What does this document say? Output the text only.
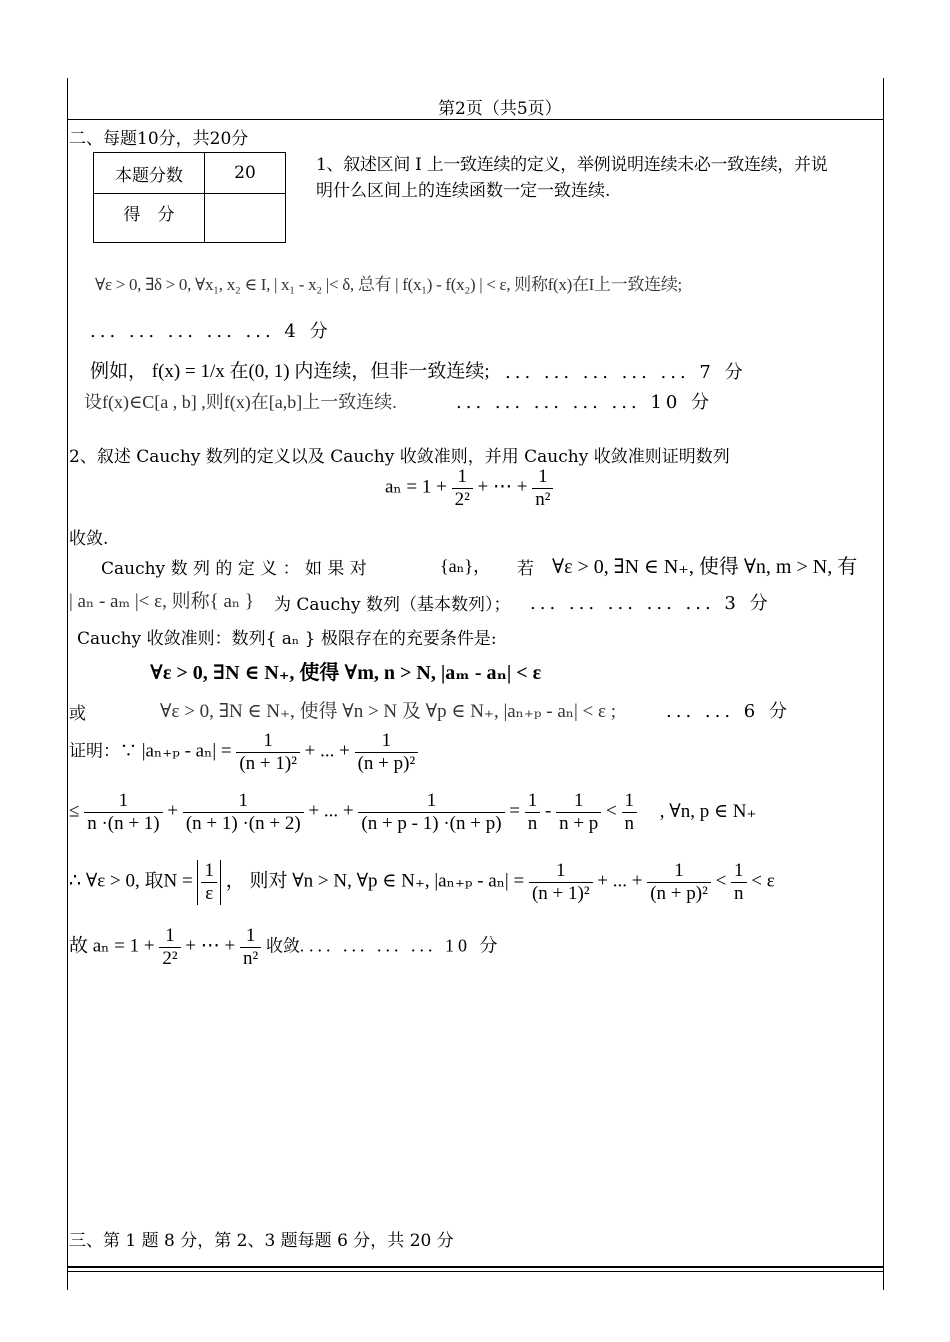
第2页（共5页）
二、每题10分，共20分
本题分数	20
得　分	
1、叙述区间 I 上一致连续的定义，举例说明连续未必一致连续，并说
明什么区间上的连续函数一定一致连续.
∀ε > 0, ∃δ > 0, ∀x₁, x₂ ∈ I, | x₁ - x₂ |< δ, 总有 | f(x₁) - f(x₂) | < ε, 则称f(x)在I上一致连续;
... ... ... ... ... 4 分
例如， f(x) = 1/x 在(0, 1) 内连续，但非一致连续; ... ... ... ... ... 7 分
设f(x)∈C[a , b] ,则f(x)在[a,b]上一致连续.	... ... ... ... ... 10 分
2、叙述 Cauchy 数列的定义以及 Cauchy 收敛准则，并用 Cauchy 收敛准则证明数列
$a_n = 1 + \frac{1}{\text{2²}}$ + ⋯ + $\frac{1}{\text{n²}}$
收敛.
Cauchy 数 列 的 定 义 ： 如 果 对	{aₙ}， 若 ∀ε > 0, ∃N ∈ N₊, 使得 ∀n, m > N, 有
| aₙ - aₘ |< ε, 则称{ aₙ } 为 Cauchy 数列（基本数列）； ... ... ... ... ... 3 分
Cauchy 收敛准则：数列{ aₙ } 极限存在的充要条件是:
∀ε > 0, ∃N ∈ N₊, 使得 ∀m, n > N, |aₘ - aₙ| < ε
或	∀ε > 0, ∃N ∈ N₊, 使得 ∀n > N 及 ∀p ∈ N₊, |aₙ₊ₚ - aₙ| < ε ;	... ... 6 分
证明：∵ $|a_{n+p} - a_n| = \frac{1}{\text{(n + 1)²}}$ + ... + $\frac{1}{\text{(n + p)²}}$
≤ $\frac{1}{n \cdot(n + 1)} + \frac{1}{(n + 1) \cdot(n + 2)}$ + ... + $\frac{1}{(n + p - 1) \cdot(n + p)} = \frac{1}{n} - \frac{1}{n + p} < \frac{1}{n}$ , ∀n, p ∈ N₊
∴ ∀ε > 0, 取$N = \frac{1}{\varepsilon}$ ， 则对 ∀n > N, ∀p ∈ N₊, $|a_{n+p} - a_n| = \frac{1}{\text{(n + 1)²}}$ + ... + $\frac{1}{\text{(n + p)²}} < \frac{1}{n} < \varepsilon$
故 $a_n = 1 + \frac{1}{\text{2²}}$ + ⋯ + $\frac{1}{\text{n²}}$ 收敛. ... ... ... ... 10 分
三、第 1 题 8 分，第 2、3 题每题 6 分，共 20 分
